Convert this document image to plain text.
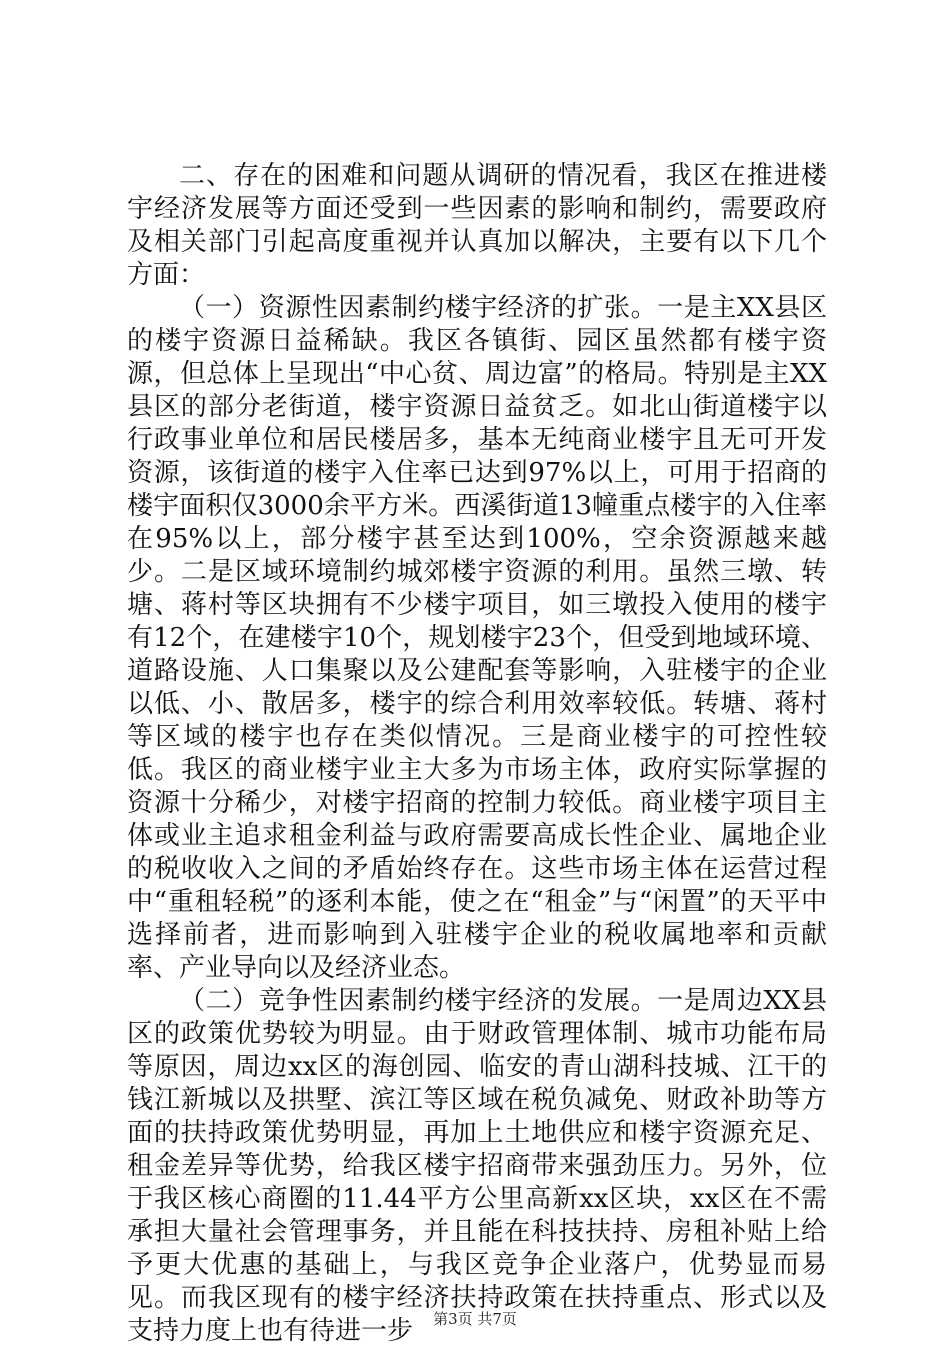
二、存在的困难和问题从调研的情况看，我区在推进楼宇经济发展等方面还受到一些因素的影响和制约，需要政府及相关部门引起高度重视并认真加以解决，主要有以下几个方面：

（一）资源性因素制约楼宇经济的扩张。一是主XX县区的楼宇资源日益稀缺。我区各镇街、园区虽然都有楼宇资源，但总体上呈现出“中心贫、周边富”的格局。特别是主XX县区的部分老街道，楼宇资源日益贫乏。如北山街道楼宇以行政事业单位和居民楼居多，基本无纯商业楼宇且无可开发资源，该街道的楼宇入住率已达到97%以上，可用于招商的楼宇面积仅3000余平方米。西溪街道13幢重点楼宇的入住率在95%以上，部分楼宇甚至达到100%，空余资源越来越少。二是区域环境制约城郊楼宇资源的利用。虽然三墩、转塘、蒋村等区块拥有不少楼宇项目，如三墩投入使用的楼宇有12个，在建楼宇10个，规划楼宇23个，但受到地域环境、道路设施、人口集聚以及公建配套等影响，入驻楼宇的企业以低、小、散居多，楼宇的综合利用效率较低。转塘、蒋村等区域的楼宇也存在类似情况。三是商业楼宇的可控性较低。我区的商业楼宇业主大多为市场主体，政府实际掌握的资源十分稀少，对楼宇招商的控制力较低。商业楼宇项目主体或业主追求租金利益与政府需要高成长性企业、属地企业的税收收入之间的矛盾始终存在。这些市场主体在运营过程中“重租轻税”的逐利本能，使之在“租金”与“闲置”的天平中选择前者，进而影响到入驻楼宇企业的税收属地率和贡献率、产业导向以及经济业态。

（二）竞争性因素制约楼宇经济的发展。一是周边XX县区的政策优势较为明显。由于财政管理体制、城市功能布局等原因，周边xx区的海创园、临安的青山湖科技城、江干的钱江新城以及拱墅、滨江等区域在税负减免、财政补助等方面的扶持政策优势明显，再加上土地供应和楼宇资源充足、租金差异等优势，给我区楼宇招商带来强劲压力。另外，位于我区核心商圈的11.44平方公里高新xx区块，xx区在不需承担大量社会管理事务，并且能在科技扶持、房租补贴上给予更大优惠的基础上，与我区竞争企业落户，优势显而易见。而我区现有的楼宇经济扶持政策在扶持重点、形式以及支持力度上也有待进一步	第3页 共7页
